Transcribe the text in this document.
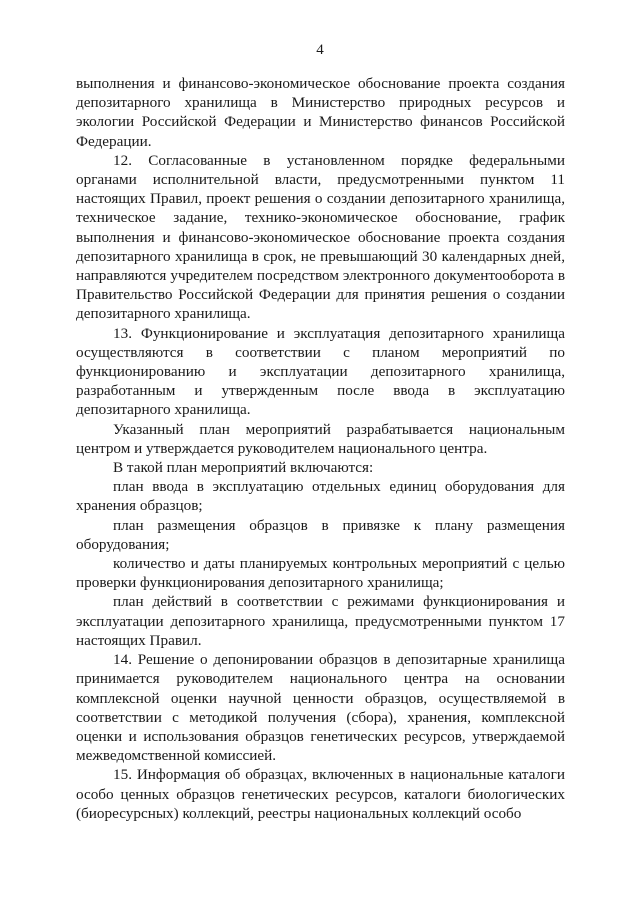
4

выполнения и финансово-экономическое обоснование проекта создания депозитарного хранилища в Министерство природных ресурсов и экологии Российской Федерации и Министерство финансов Российской Федерации.

12. Согласованные в установленном порядке федеральными органами исполнительной власти, предусмотренными пунктом 11 настоящих Правил, проект решения о создании депозитарного хранилища, техническое задание, технико-экономическое обоснование, график выполнения и финансово-экономическое обоснование проекта создания депозитарного хранилища в срок, не превышающий 30 календарных дней, направляются учредителем посредством электронного документооборота в Правительство Российской Федерации для принятия решения о создании депозитарного хранилища.

13. Функционирование и эксплуатация депозитарного хранилища осуществляются в соответствии с планом мероприятий по функционированию и эксплуатации депозитарного хранилища, разработанным и утвержденным после ввода в эксплуатацию депозитарного хранилища.

Указанный план мероприятий разрабатывается национальным центром и утверждается руководителем национального центра.

В такой план мероприятий включаются:

план ввода в эксплуатацию отдельных единиц оборудования для хранения образцов;

план размещения образцов в привязке к плану размещения оборудования;

количество и даты планируемых контрольных мероприятий с целью проверки функционирования депозитарного хранилища;

план действий в соответствии с режимами функционирования и эксплуатации депозитарного хранилища, предусмотренными пунктом 17 настоящих Правил.

14. Решение о депонировании образцов в депозитарные хранилища принимается руководителем национального центра на основании комплексной оценки научной ценности образцов, осуществляемой в соответствии с методикой получения (сбора), хранения, комплексной оценки и использования образцов генетических ресурсов, утверждаемой межведомственной комиссией.

15. Информация об образцах, включенных в национальные каталоги особо ценных образцов генетических ресурсов, каталоги биологических (биоресурсных) коллекций, реестры национальных коллекций особо
